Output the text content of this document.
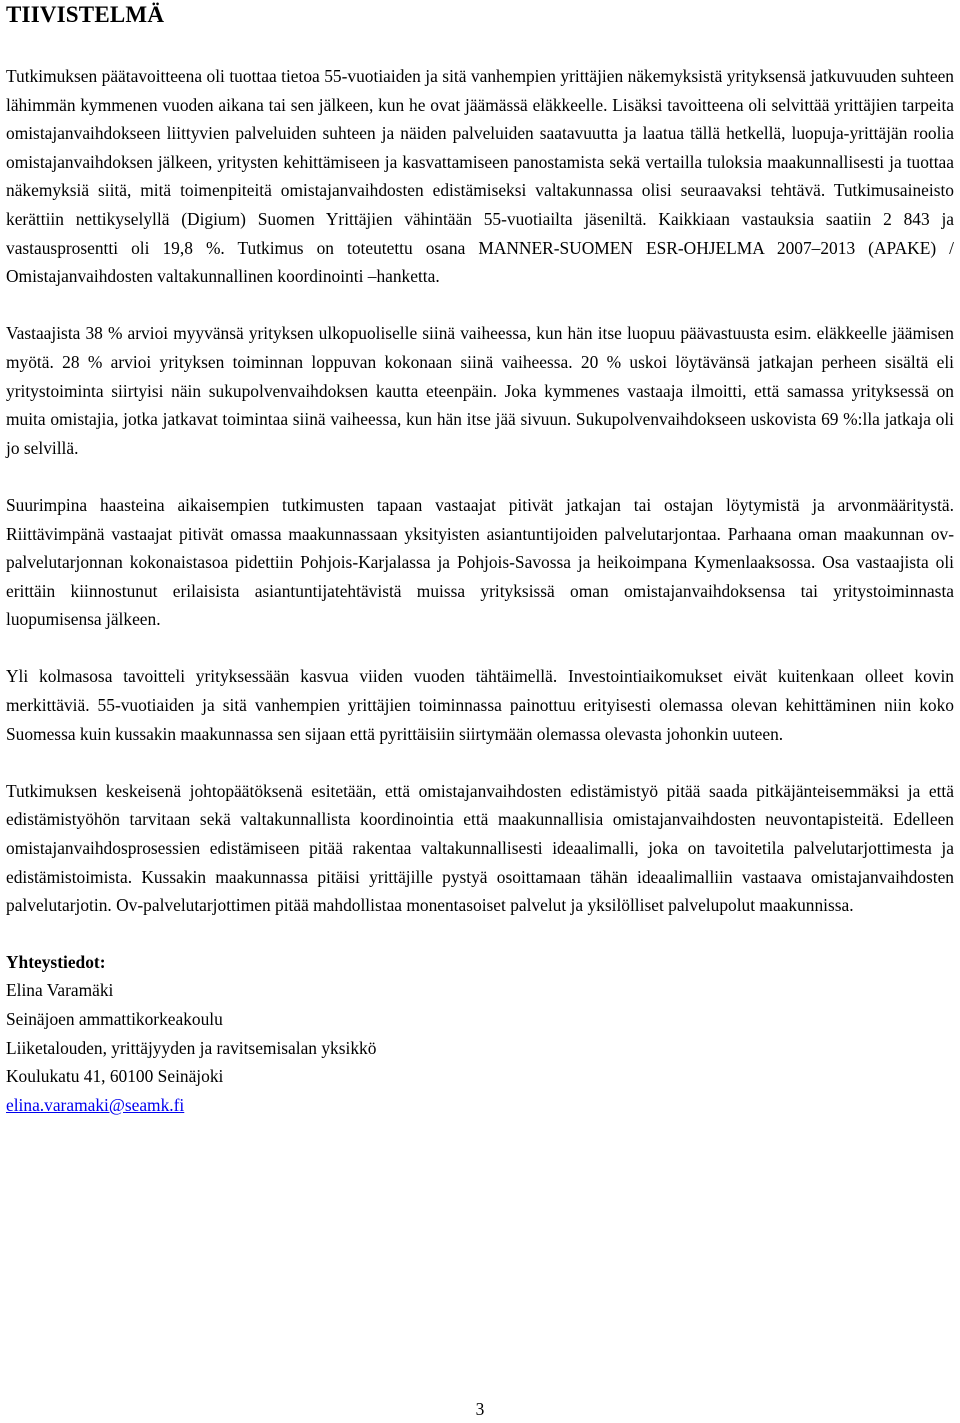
TIIVISTELMÄ

Tutkimuksen päätavoitteena oli tuottaa tietoa 55-vuotiaiden ja sitä vanhempien yrittäjien näkemyksistä yrityksensä jatkuvuuden suhteen lähimmän kymmenen vuoden aikana tai sen jälkeen, kun he ovat jäämässä eläkkeelle. Lisäksi tavoitteena oli selvittää yrittäjien tarpeita omistajanvaihdokseen liittyvien palveluiden suhteen ja näiden palveluiden saatavuutta ja laatua tällä hetkellä, luopuja-yrittäjän roolia omistajanvaihdoksen jälkeen, yritysten kehittämiseen ja kasvattamiseen panostamista sekä vertailla tuloksia maakunnallisesti ja tuottaa näkemyksiä siitä, mitä toimenpiteitä omistajanvaihdosten edistämiseksi valtakunnassa olisi seuraavaksi tehtävä. Tutkimusaineisto kerättiin nettikyselyllä (Digium) Suomen Yrittäjien vähintään 55-vuotiailta jäseniltä. Kaikkiaan vastauksia saatiin 2 843 ja vastausprosentti oli 19,8 %. Tutkimus on toteutettu osana MANNER-SUOMEN ESR-OHJELMA 2007–2013 (APAKE) / Omistajanvaihdosten valtakunnallinen koordinointi –hanketta.

Vastaajista 38 % arvioi myyvänsä yrityksen ulkopuoliselle siinä vaiheessa, kun hän itse luopuu päävastuusta esim. eläkkeelle jäämisen myötä. 28 % arvioi yrityksen toiminnan loppuvan kokonaan siinä vaiheessa. 20 % uskoi löytävänsä jatkajan perheen sisältä eli yritystoiminta siirtyisi näin sukupolvenvaihdoksen kautta eteenpäin. Joka kymmenes vastaaja ilmoitti, että samassa yrityksessä on muita omistajia, jotka jatkavat toimintaa siinä vaiheessa, kun hän itse jää sivuun. Sukupolvenvaihdokseen uskovista 69 %:lla jatkaja oli jo selvillä.

Suurimpina haasteina aikaisempien tutkimusten tapaan vastaajat pitivät jatkajan tai ostajan löytymistä ja arvonmääritystä. Riittävimpänä vastaajat pitivät omassa maakunnassaan yksityisten asiantuntijoiden palvelutarjontaa. Parhaana oman maakunnan ov-palvelutarjonnan kokonaistasoa pidettiin Pohjois-Karjalassa ja Pohjois-Savossa ja heikoimpana Kymenlaaksossa. Osa vastaajista oli erittäin kiinnostunut erilaisista asiantuntijatehtävistä muissa yrityksissä oman omistajanvaihdoksensa tai yritystoiminnasta luopumisensa jälkeen.

Yli kolmasosa tavoitteli yrityksessään kasvua viiden vuoden tähtäimellä. Investointiaikomukset eivät kuitenkaan olleet kovin merkittäviä. 55-vuotiaiden ja sitä vanhempien yrittäjien toiminnassa painottuu erityisesti olemassa olevan kehittäminen niin koko Suomessa kuin kussakin maakunnassa sen sijaan että pyrittäisiin siirtymään olemassa olevasta johonkin uuteen.

Tutkimuksen keskeisenä johtopäätöksenä esitetään, että omistajanvaihdosten edistämistyö pitää saada pitkäjänteisemmäksi ja että edistämistyöhön tarvitaan sekä valtakunnallista koordinointia että maakunnallisia omistajanvaihdosten neuvontapisteitä. Edelleen omistajanvaihdosprosessien edistämiseen pitää rakentaa valtakunnallisesti ideaalimalli, joka on tavoitetila palvelutarjottimesta ja edistämistoimista. Kussakin maakunnassa pitäisi yrittäjille pystyä osoittamaan tähän ideaalimalliin vastaava omistajanvaihdosten palvelutarjotin. Ov-palvelutarjottimen pitää mahdollistaa monentasoiset palvelut ja yksilölliset palvelupolut maakunnissa.

Yhteystiedot:
Elina Varamäki
Seinäjoen ammattikorkeakoulu
Liiketalouden, yrittäjyyden ja ravitsemisalan yksikkö
Koulukatu 41, 60100 Seinäjoki
elina.varamaki@seamk.fi
3
